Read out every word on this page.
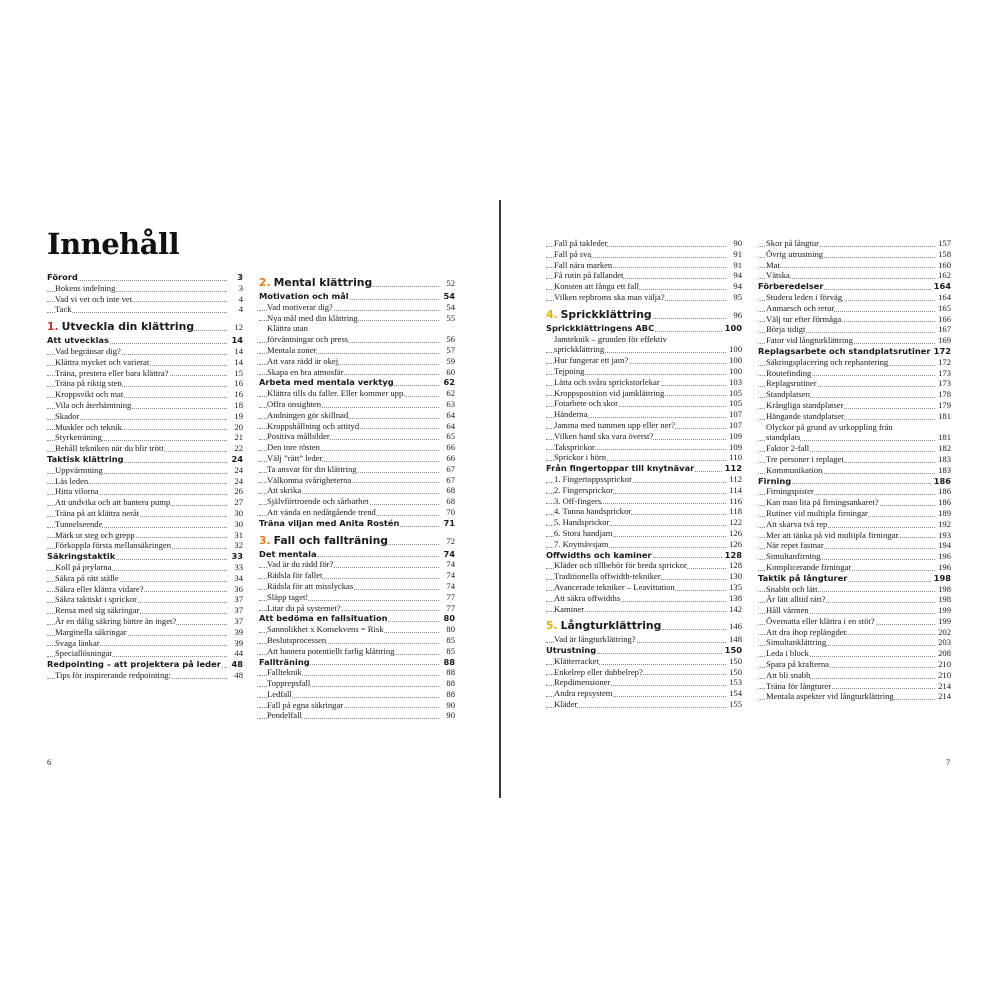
Innehåll
Förord	3
Bokens indelning	3
Vad vi vet och inte vet	4
Tack	4
1. Utveckla din klättring	12
Att utvecklas	14
Vad begränsar dig?	14
Klättra mycket och varierat	14
Träna, prestera eller bara klättra?	15
Träna på riktig sten	16
Kroppsvikt och mat	16
Vila och återhämtning	18
Skador	19
Muskler och teknik	20
Styrketräning	21
Behåll tekniken när du blir trött	22
Taktisk klättring	24
Uppvärmning	24
Läs leden	24
Hitta vilorna	26
Att undvika och att hantera pump	27
Träna på att klättra neråt	30
Tunnelseende	30
Märk ut steg och grepp	31
Förkoppla första mellansäkringen	32
Säkringstaktik	33
Koll på prylarna	33
Säkra på rätt ställe	34
Säkra eller klättra vidare?	36
Säkra taktiskt i sprickor	37
Rensa med sig säkringar	37
Är en dålig säkring bättre än inget?	37
Marginella säkringar	39
Svaga länkar	39
Speciallösningar	44
Redpointing – att projektera på leder 48
Tips för inspirerande redpointing:	48
2. Mental klättring	52
Motivation och mål	54
Vad motiverar dig?	54
Nya mål med din klättring	55
Klättra utan
förväntningar och press	56
Mentala zoner	57
Att vara rädd är okej	59
Skapa en bra atmosfär	60
Arbeta med mentala verktyg	62
Klättra tills du faller. Eller kommer upp.	62
Offra onsighten	63
Andningen gör skillnad	64
Kroppshållning och attityd	64
Positiva målbilder	65
Den inre rösten	66
Välj ”rätt” leder	66
Ta ansvar för din klättring	67
Välkomna svårigheterna	67
Att skrika	68
Självförtroende och sårbarhet	68
Att vända en nedåtgående trend	70
Träna viljan med Anita Rostén	71
3. Fall och fallträning	72
Det mentala	74
Vad är du rädd för?	74
Rädsla för fallet	74
Rädsla för att misslyckas	74
Släpp taget!	77
Litar du på systemet?	77
Att bedöma en fallsituation	80
Sannolikhet x Konsekvens = Risk	80
Beslutsprocessen	85
Att hantera potentiellt farlig klättring	85
Fallträning	88
Fallteknik	88
Topprepsfall	88
Ledfall	88
Fall på egna säkringar	90
Pendelfall	90
Fall på takleder	90
Fall på sva	91
Fall nära marken	91
Få rutin på fallandet	94
Konsten att fånga ett fall	94
Vilken repbroms ska man välja?	95
4. Sprickklättring	96
Sprickklättringens ABC	100
Jamteknik – grunden för effektiv
sprickklättring	100
Hur fungerar ett jam?	100
Tejpning	100
Lätta och svåra sprickstorlekar	103
Kroppsposition vid jamklättring	105
Fotarbete och skor	105
Händerna	107
Jamma med tummen upp eller ner?	107
Vilken hand ska vara överst?	109
Taksprickor	109
Sprickor i hörn	110
Från fingertoppar till knytnävar	112
1. Fingertoppssprickor	112
2. Fingersprickor	114
3. Off-fingers	116
4. Tunna handsprickor	118
5. Handsprickor	122
6. Stora handjam	126
7. Knytnävsjam	126
Offwidths och kaminer	128
Kläder och tillbehör för breda sprickor	128
Traditionella offwidth-tekniker	130
Avancerade tekniker – Leavittation	135
Att säkra offwidths	138
Kaminer	142
5. Långturklättring	146
Vad är långturklättring?	148
Utrustning	150
Klätterracket	150
Enkelrep eller dubbelrep?	150
Repdimensioner	153
Andra repsystem	154
Kläder	155
Skor på långtur	157
Övrig utrustning	158
Mat	160
Vätska	162
Förberedelser	164
Studera leden i förväg	164
Anmarsch och retur	165
Välj tur efter förmåga	166
Börja tidigt	167
Fator vid långturklättring	169
Replagsarbete och standplatsrutiner 172
Säkringsplacering och rephantering	172
Routefinding	173
Replagsrutiner	173
Standplatsen	178
Krångliga standplatser	179
Hängande standplatser	181
Olyckor på grund av urkoppling från
standplats	181
Faktor 2-fall	182
Tre personer i replaget	183
Kommunikation	183
Firning	186
Firningspister	186
Kan man lita på firningsankaret?	186
Rutiner vid multipla firningar	189
Att skarva två rep	192
Mer att tänka på vid multipla firningar	193
När repet fastnar	194
Simultanfirning	196
Komplicerande firningar	196
Taktik på långturer	198
Snabbt och lätt	198
Är lätt alltid rätt?	198
Håll värmen	199
Övernatta eller klättra i en stöt?	199
Att dra ihop replängder	202
Simultanklättring	203
Leda i block	208
Spara på krafterna	210
Att bli snabb	210
Träna för långturer	214
Mentala aspekter vid långturklättring	214
6	7
